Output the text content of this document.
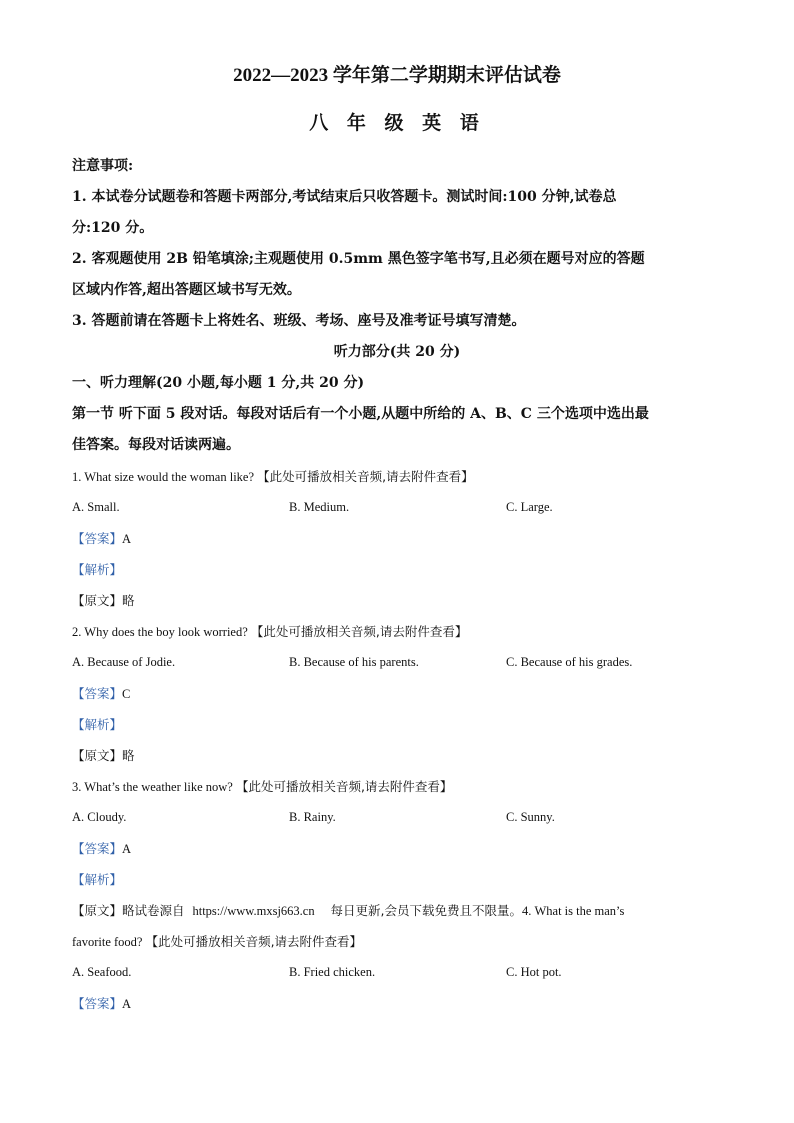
2022—2023 学年第二学期期末评估试卷
八 年 级 英 语
注意事项:
1. 本试卷分试题卷和答题卡两部分,考试结束后只收答题卡。测试时间:100 分钟,试卷总
分:120 分。
2. 客观题使用 2B 铅笔填涂;主观题使用 0.5mm 黑色签字笔书写,且必须在题号对应的答题
区域内作答,超出答题区域书写无效。
3. 答题前请在答题卡上将姓名、班级、考场、座号及准考证号填写清楚。
听力部分(共 20 分)
一、听力理解(20 小题,每小题 1 分,共 20 分)
第一节 听下面 5 段对话。每段对话后有一个小题,从题中所给的 A、B、C 三个选项中选出最
佳答案。每段对话读两遍。
1. What size would the woman like? 【此处可播放相关音频,请去附件查看】
A. Small.	B. Medium.	C. Large.
【答案】A
【解析】
【原文】略
2. Why does the boy look worried? 【此处可播放相关音频,请去附件查看】
A. Because of Jodie.	B. Because of his parents.	C. Because of his grades.
【答案】C
【解析】
【原文】略
3. What’s the weather like now? 【此处可播放相关音频,请去附件查看】
A. Cloudy.	B. Rainy.	C. Sunny.
【答案】A
【解析】
【原文】略试卷源自 https://www.mxsj663.cn 每日更新,会员下载免费且不限量。4. What is the man’s
favorite food? 【此处可播放相关音频,请去附件查看】
A. Seafood.	B. Fried chicken.	C. Hot pot.
【答案】A
